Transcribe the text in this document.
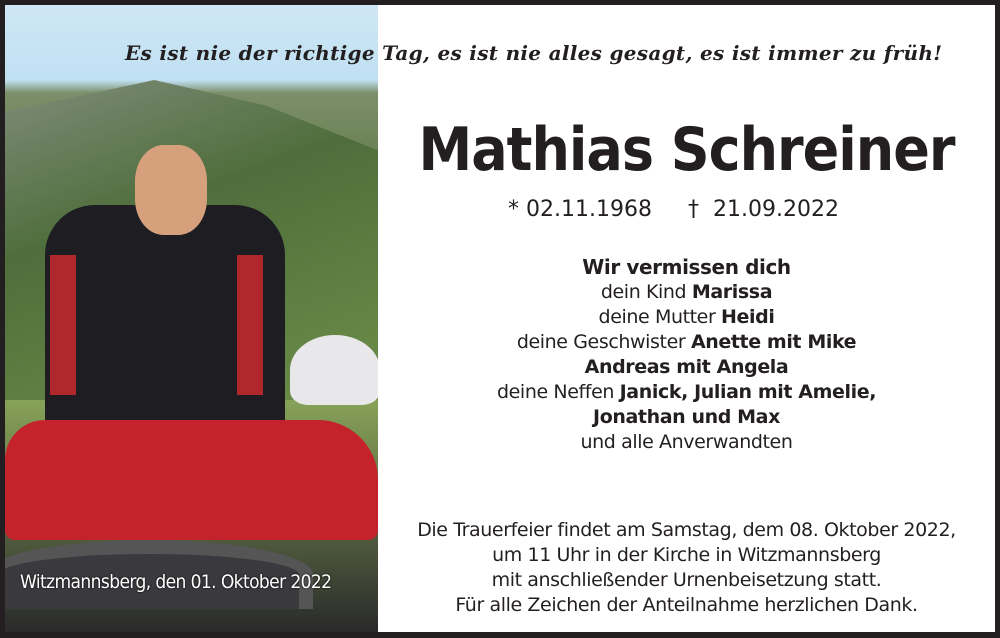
Witzmannsberg, den 01. Oktober 2022
Es ist nie der richtige Tag, es ist nie alles gesagt, es ist immer zu früh!
Mathias Schreiner
* 02.11.1968 † 21.09.2022
Wir vermissen dich
dein Kind Marissa
deine Mutter Heidi
deine Geschwister Anette mit Mike
Andreas mit Angela
deine Neffen Janick, Julian mit Amelie,
Jonathan und Max
und alle Anverwandten
Die Trauerfeier findet am Samstag, dem 08. Oktober 2022,
um 11 Uhr in der Kirche in Witzmannsberg
mit anschließender Urnenbeisetzung statt.
Für alle Zeichen der Anteilnahme herzlichen Dank.
